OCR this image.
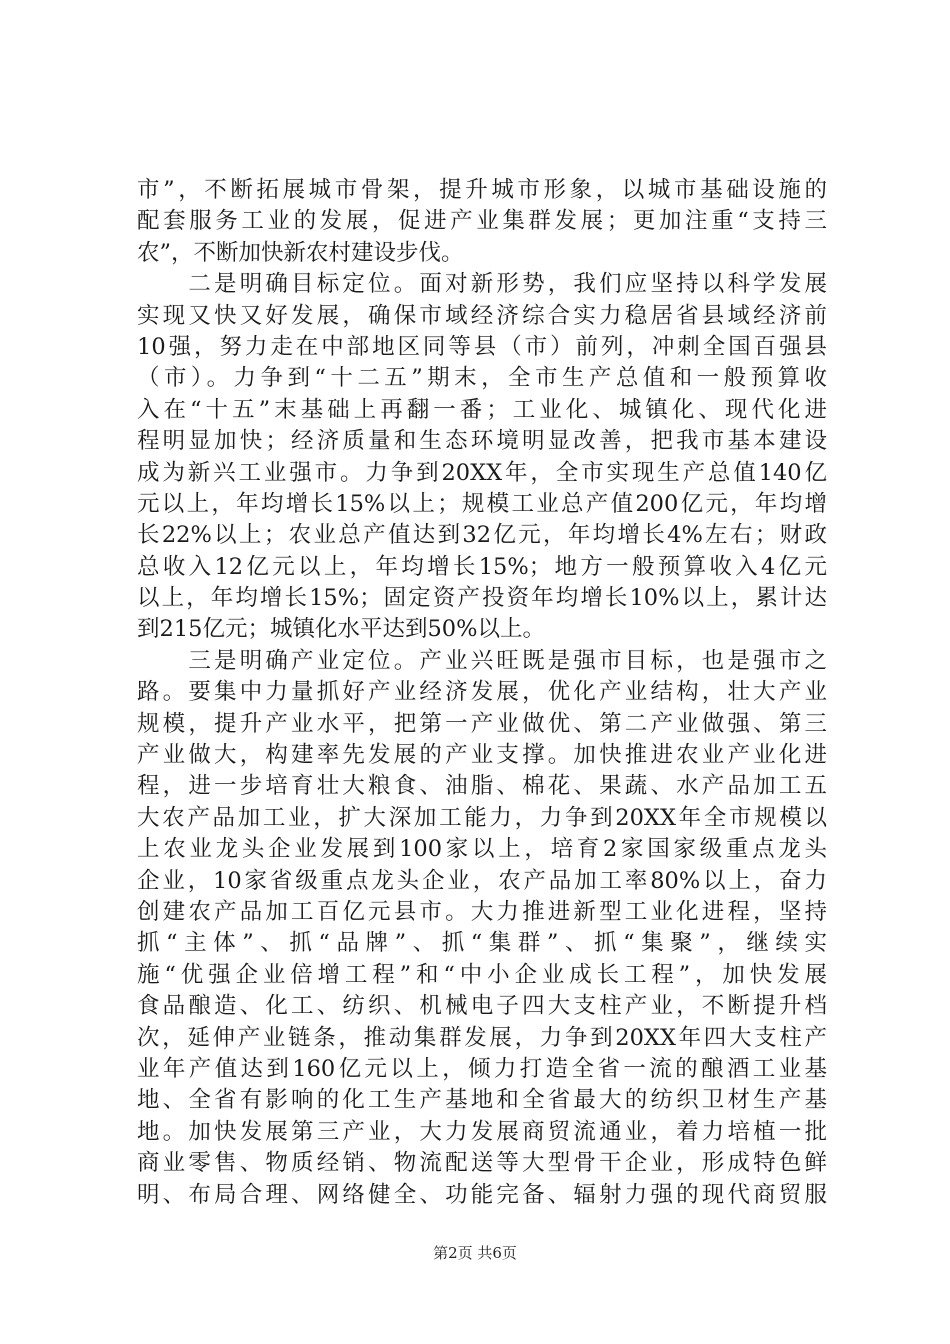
市”，不断拓展城市骨架，提升城市形象，以城市基础设施的
配套服务工业的发展，促进产业集群发展；更加注重“支持三
农”，不断加快新农村建设步伐。
　　二是明确目标定位。面对新形势，我们应坚持以科学发展
实现又快又好发展，确保市域经济综合实力稳居省县域经济前
10强，努力走在中部地区同等县（市）前列，冲刺全国百强县
（市）。力争到“十二五”期末，全市生产总值和一般预算收
入在“十五”末基础上再翻一番；工业化、城镇化、现代化进
程明显加快；经济质量和生态环境明显改善，把我市基本建设
成为新兴工业强市。力争到20XX年，全市实现生产总值140亿
元以上，年均增长15%以上；规模工业总产值200亿元，年均增
长22%以上；农业总产值达到32亿元，年均增长4%左右；财政
总收入12亿元以上，年均增长15%；地方一般预算收入4亿元
以上，年均增长15%；固定资产投资年均增长10%以上，累计达
到215亿元；城镇化水平达到50%以上。
　　三是明确产业定位。产业兴旺既是强市目标，也是强市之
路。要集中力量抓好产业经济发展，优化产业结构，壮大产业
规模，提升产业水平，把第一产业做优、第二产业做强、第三
产业做大，构建率先发展的产业支撑。加快推进农业产业化进
程，进一步培育壮大粮食、油脂、棉花、果蔬、水产品加工五
大农产品加工业，扩大深加工能力，力争到20XX年全市规模以
上农业龙头企业发展到100家以上，培育2家国家级重点龙头
企业，10家省级重点龙头企业，农产品加工率80%以上，奋力
创建农产品加工百亿元县市。大力推进新型工业化进程，坚持
抓“主体”、抓“品牌”、抓“集群”、抓“集聚”，继续实
施“优强企业倍增工程”和“中小企业成长工程”，加快发展
食品酿造、化工、纺织、机械电子四大支柱产业，不断提升档
次，延伸产业链条，推动集群发展，力争到20XX年四大支柱产
业年产值达到160亿元以上，倾力打造全省一流的酿酒工业基
地、全省有影响的化工生产基地和全省最大的纺织卫材生产基
地。加快发展第三产业，大力发展商贸流通业，着力培植一批
商业零售、物质经销、物流配送等大型骨干企业，形成特色鲜
明、布局合理、网络健全、功能完备、辐射力强的现代商贸服
第2页 共6页
